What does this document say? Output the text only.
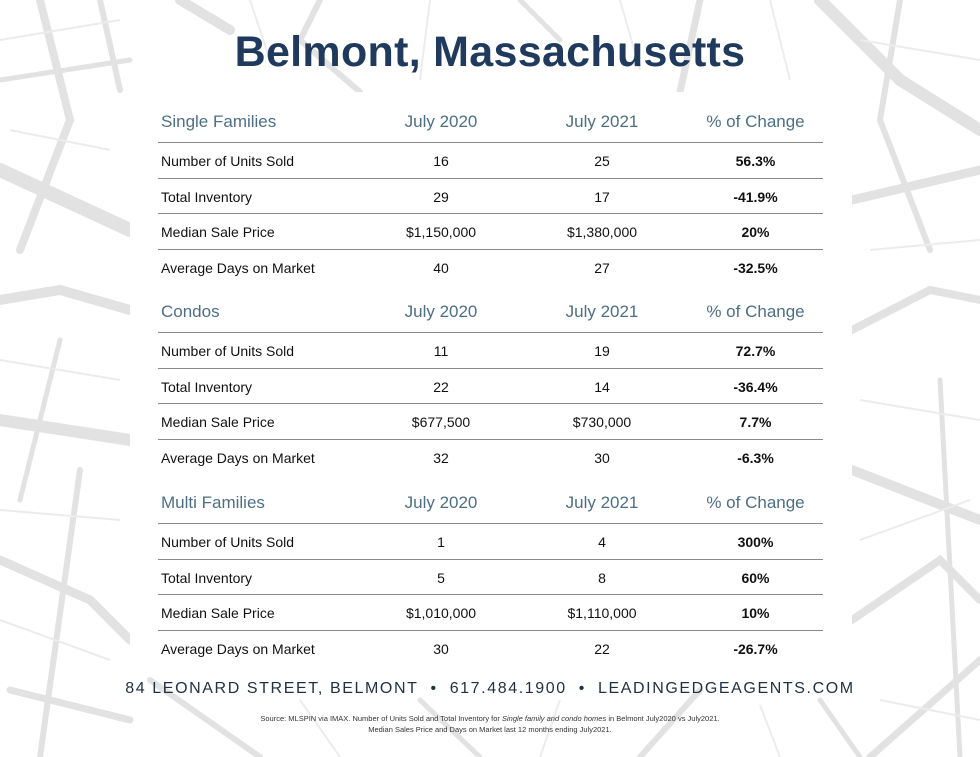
Belmont, Massachusetts
Single Families	July 2020	July 2021	% of Change
Number of Units Sold	16	25	56.3%
Total Inventory	29	17	-41.9%
Median Sale Price	$1,150,000	$1,380,000	20%
Average Days on Market	40	27	-32.5%
Condos	July 2020	July 2021	% of Change
Number of Units Sold	11	19	72.7%
Total Inventory	22	14	-36.4%
Median Sale Price	$677,500	$730,000	7.7%
Average Days on Market	32	30	-6.3%
Multi Families	July 2020	July 2021	% of Change
Number of Units Sold	1	4	300%
Total Inventory	5	8	60%
Median Sale Price	$1,010,000	$1,110,000	10%
Average Days on Market	30	22	-26.7%
84 LEONARD STREET, BELMONT • 617.484.1900 • LEADINGEDGEAGENTS.COM
Source: MLSPIN via IMAX. Number of Units Sold and Total Inventory for Single family and condo homes in Belmont July2020 vs July2021.
Median Sales Price and Days on Market last 12 months ending July2021.
